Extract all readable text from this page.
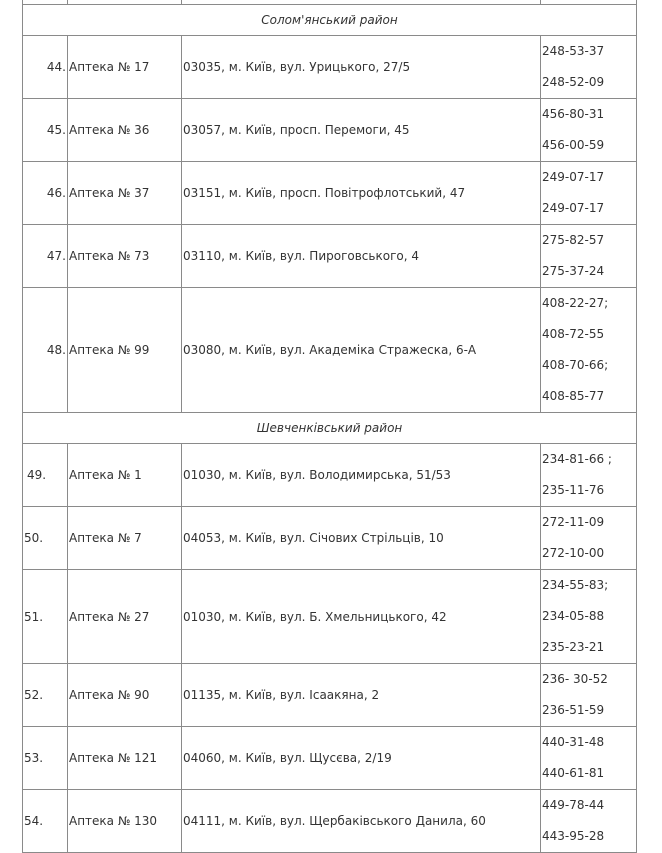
Солом'янський район			
44.	Аптека № 17	03035, м. Київ, вул. Урицького, 27/5	248-53-37
248-52-09

45.	Аптека № 36	03057, м. Київ, просп. Перемоги, 45	456-80-31
456-00-59

46.	Аптека № 37	03151, м. Київ, просп. Повітрофлотський, 47	249-07-17
249-07-17

47.	Аптека № 73	03110, м. Київ, вул. Пироговського, 4	275-82-57
275-37-24

48.	Аптека № 99	03080, м. Київ, вул. Академіка Стражеска, 6-А	408-22-27;
408-72-55
408-70-66;
408-85-77

Шевченківський район			
49.	Аптека № 1	01030, м. Київ, вул. Володимирська, 51/53	234-81-66 ;
235-11-76

50.	Аптека № 7	04053, м. Київ, вул. Січових Стрільців, 10	272-11-09
272-10-00

51.	Аптека № 27	01030, м. Київ, вул. Б. Хмельницького, 42	234-55-83;
234-05-88
235-23-21

52.	Аптека № 90	01135, м. Київ, вул. Ісаакяна, 2	236- 30-52
236-51-59

53.	Аптека № 121	04060, м. Київ, вул. Щусєва, 2/19	440-31-48
440-61-81

54.	Аптека № 130	04111, м. Київ, вул. Щербаківського Данила, 60	449-78-44
443-95-28
